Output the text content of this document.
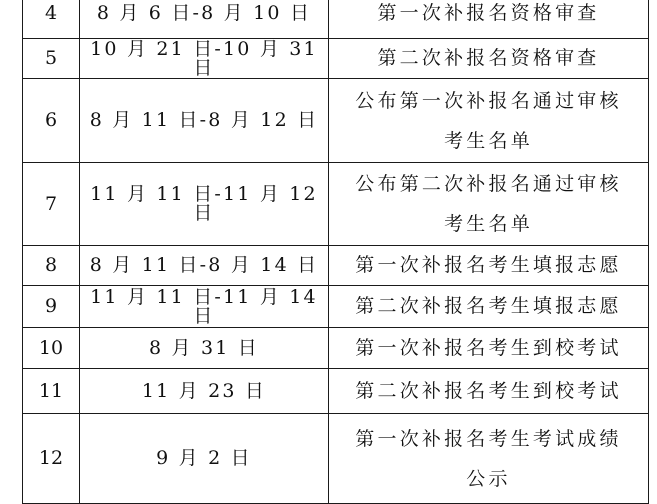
4	8 月 6 日-8 月 10 日	第一次补报名资格审查

5	10 月 21 日-10 月 31 日	第二次补报名资格审查

6	8 月 11 日-8 月 12 日	公布第一次补报名通过审核
考生名单

7	11 月 11 日-11 月 12 日	公布第二次补报名通过审核
考生名单

8	8 月 11 日-8 月 14 日	第一次补报名考生填报志愿

9	11 月 11 日-11 月 14 日	第二次补报名考生填报志愿

10	8 月 31 日	第一次补报名考生到校考试

11	11 月 23 日	第二次补报名考生到校考试

12	9 月 2 日	第一次补报名考生考试成绩
公示
